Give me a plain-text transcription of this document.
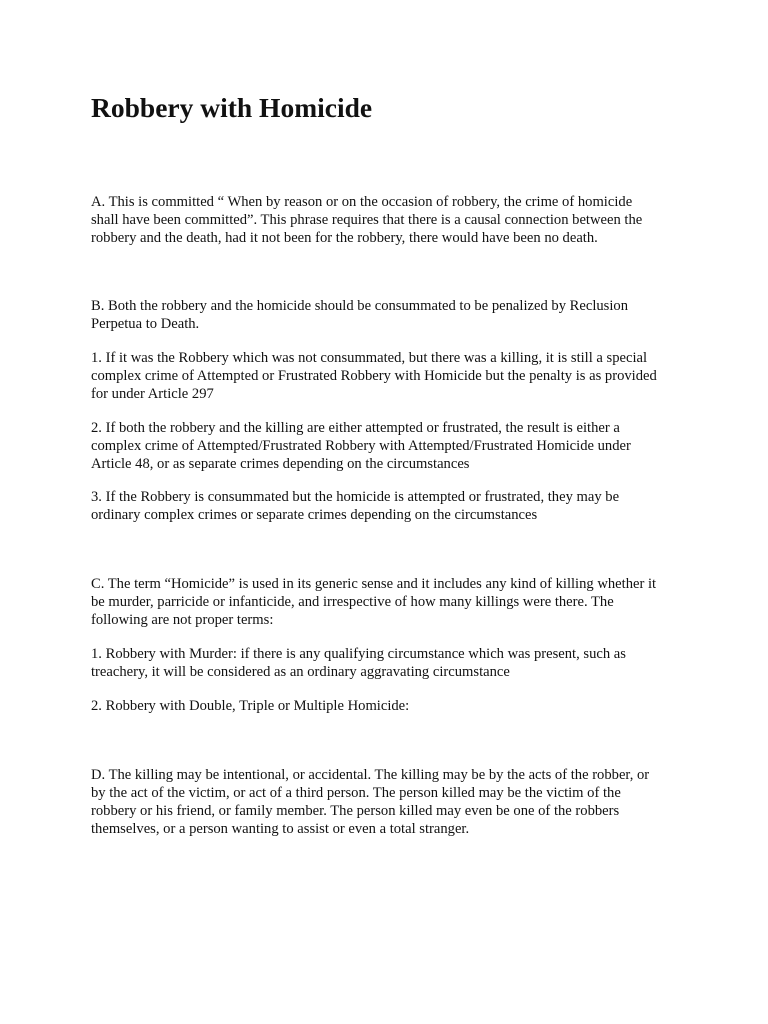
Robbery with Homicide

A. This is committed “ When by reason or on the occasion of robbery, the crime of homicide
shall have been committed”. This phrase requires that there is a causal connection between the
robbery and the death, had it not been for the robbery, there would have been no death.

B. Both the robbery and the homicide should be consummated to be penalized by Reclusion
Perpetua to Death.

1. If it was the Robbery which was not consummated, but there was a killing, it is still a special
complex crime of Attempted or Frustrated Robbery with Homicide but the penalty is as provided
for under Article 297

2. If both the robbery and the killing are either attempted or frustrated, the result is either a
complex crime of Attempted/Frustrated Robbery with Attempted/Frustrated Homicide under
Article 48, or as separate crimes depending on the circumstances

3. If the Robbery is consummated but the homicide is attempted or frustrated, they may be
ordinary complex crimes or separate crimes depending on the circumstances

C. The term “Homicide” is used in its generic sense and it includes any kind of killing whether it
be murder, parricide or infanticide, and irrespective of how many killings were there. The
following are not proper terms:

1. Robbery with Murder: if there is any qualifying circumstance which was present, such as
treachery, it will be considered as an ordinary aggravating circumstance

2. Robbery with Double, Triple or Multiple Homicide:

D. The killing may be intentional, or accidental. The killing may be by the acts of the robber, or
by the act of the victim, or act of a third person. The person killed may be the victim of the
robbery or his friend, or family member. The person killed may even be one of the robbers
themselves, or a person wanting to assist or even a total stranger.
